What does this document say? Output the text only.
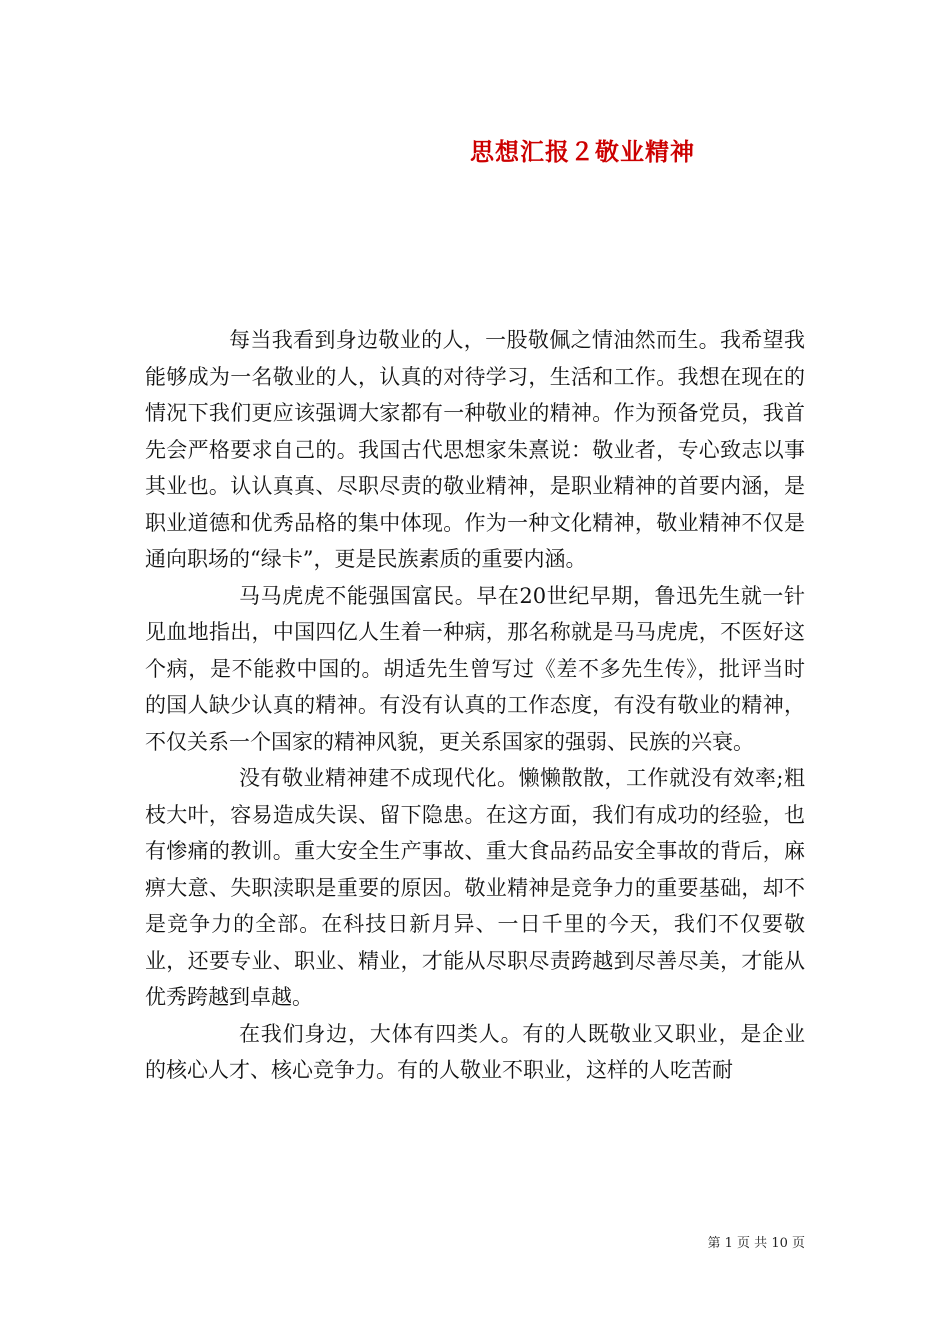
思想汇报２敬业精神

每当我看到身边敬业的人，一股敬佩之情油然而生。我希望我能够成为一名敬业的人，认真的对待学习，生活和工作。我想在现在的情况下我们更应该强调大家都有一种敬业的精神。作为预备党员，我首先会严格要求自己的。我国古代思想家朱熹说：敬业者，专心致志以事其业也。认认真真、尽职尽责的敬业精神，是职业精神的首要内涵，是职业道德和优秀品格的集中体现。作为一种文化精神，敬业精神不仅是通向职场的“绿卡”，更是民族素质的重要内涵。

马马虎虎不能强国富民。早在20世纪早期，鲁迅先生就一针见血地指出，中国四亿人生着一种病，那名称就是马马虎虎，不医好这个病，是不能救中国的。胡适先生曾写过《差不多先生传》，批评当时的国人缺少认真的精神。有没有认真的工作态度，有没有敬业的精神，不仅关系一个国家的精神风貌，更关系国家的强弱、民族的兴衰。

没有敬业精神建不成现代化。懒懒散散，工作就没有效率;粗枝大叶，容易造成失误、留下隐患。在这方面，我们有成功的经验，也有惨痛的教训。重大安全生产事故、重大食品药品安全事故的背后，麻痹大意、失职渎职是重要的原因。敬业精神是竞争力的重要基础，却不是竞争力的全部。在科技日新月异、一日千里的今天，我们不仅要敬业，还要专业、职业、精业，才能从尽职尽责跨越到尽善尽美，才能从优秀跨越到卓越。

在我们身边，大体有四类人。有的人既敬业又职业，是企业的核心人才、核心竞争力。有的人敬业不职业，这样的人吃苦耐

第 1 页 共 10 页
